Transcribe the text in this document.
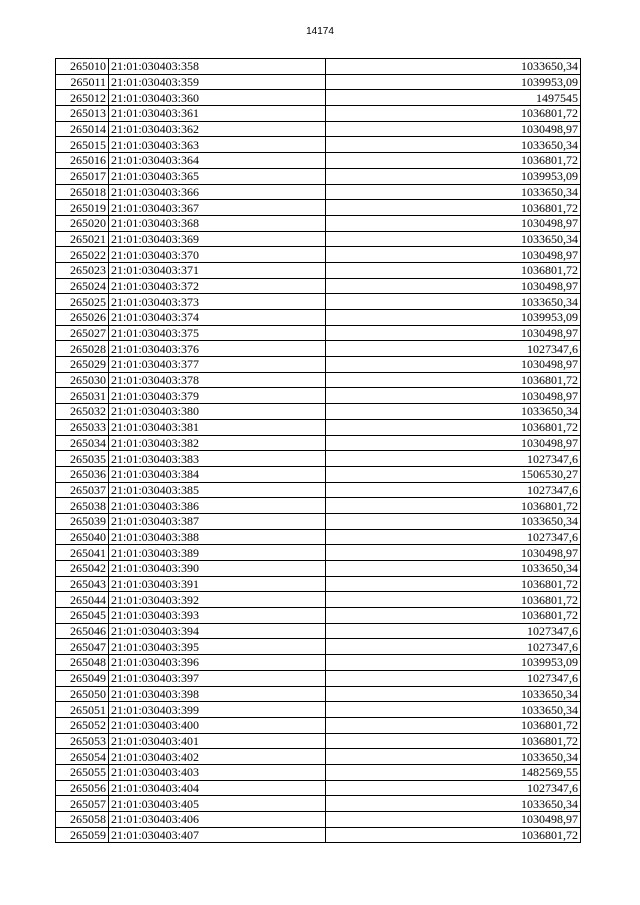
14174
265010	21:01:030403:358	1033650,34
265011	21:01:030403:359	1039953,09
265012	21:01:030403:360	1497545
265013	21:01:030403:361	1036801,72
265014	21:01:030403:362	1030498,97
265015	21:01:030403:363	1033650,34
265016	21:01:030403:364	1036801,72
265017	21:01:030403:365	1039953,09
265018	21:01:030403:366	1033650,34
265019	21:01:030403:367	1036801,72
265020	21:01:030403:368	1030498,97
265021	21:01:030403:369	1033650,34
265022	21:01:030403:370	1030498,97
265023	21:01:030403:371	1036801,72
265024	21:01:030403:372	1030498,97
265025	21:01:030403:373	1033650,34
265026	21:01:030403:374	1039953,09
265027	21:01:030403:375	1030498,97
265028	21:01:030403:376	1027347,6
265029	21:01:030403:377	1030498,97
265030	21:01:030403:378	1036801,72
265031	21:01:030403:379	1030498,97
265032	21:01:030403:380	1033650,34
265033	21:01:030403:381	1036801,72
265034	21:01:030403:382	1030498,97
265035	21:01:030403:383	1027347,6
265036	21:01:030403:384	1506530,27
265037	21:01:030403:385	1027347,6
265038	21:01:030403:386	1036801,72
265039	21:01:030403:387	1033650,34
265040	21:01:030403:388	1027347,6
265041	21:01:030403:389	1030498,97
265042	21:01:030403:390	1033650,34
265043	21:01:030403:391	1036801,72
265044	21:01:030403:392	1036801,72
265045	21:01:030403:393	1036801,72
265046	21:01:030403:394	1027347,6
265047	21:01:030403:395	1027347,6
265048	21:01:030403:396	1039953,09
265049	21:01:030403:397	1027347,6
265050	21:01:030403:398	1033650,34
265051	21:01:030403:399	1033650,34
265052	21:01:030403:400	1036801,72
265053	21:01:030403:401	1036801,72
265054	21:01:030403:402	1033650,34
265055	21:01:030403:403	1482569,55
265056	21:01:030403:404	1027347,6
265057	21:01:030403:405	1033650,34
265058	21:01:030403:406	1030498,97
265059	21:01:030403:407	1036801,72
